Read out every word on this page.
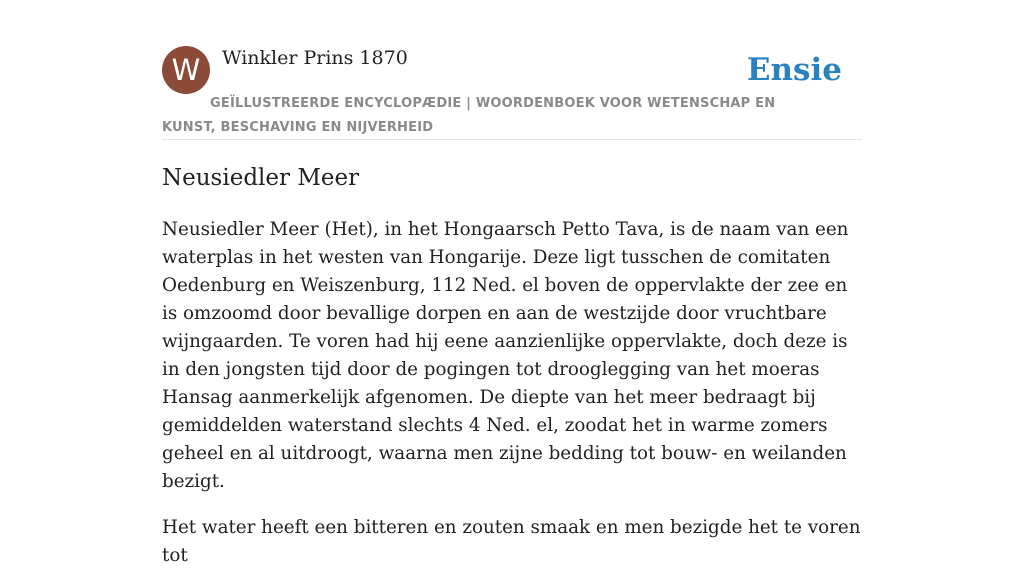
W	Winkler Prins 1870
GEÏLLUSTREERDE ENCYCLOPÆDIE | WOORDENBOEK VOOR WETENSCHAP EN KUNST, BESCHAVING EN NIJVERHEID
Ensie
Neusiedler Meer

Neusiedler Meer (Het), in het Hongaarsch Petto Tava, is de naam van een waterplas in het westen van Hongarije. Deze ligt tusschen de comitaten Oedenburg en Weiszenburg, 112 Ned. el boven de oppervlakte der zee en is omzoomd door bevallige dorpen en aan de westzijde door vruchtbare wijngaarden. Te voren had hij eene aanzienlijke oppervlakte, doch deze is in den jongsten tijd door de pogingen tot drooglegging van het moeras Hansag aanmerkelijk afgenomen. De diepte van het meer bedraagt bij gemiddelden waterstand slechts 4 Ned. el, zoodat het in warme zomers geheel en al uitdroogt, waarna men zijne bedding tot bouw- en weilanden bezigt.

Het water heeft een bitteren en zouten smaak en men bezigde het te voren tot
